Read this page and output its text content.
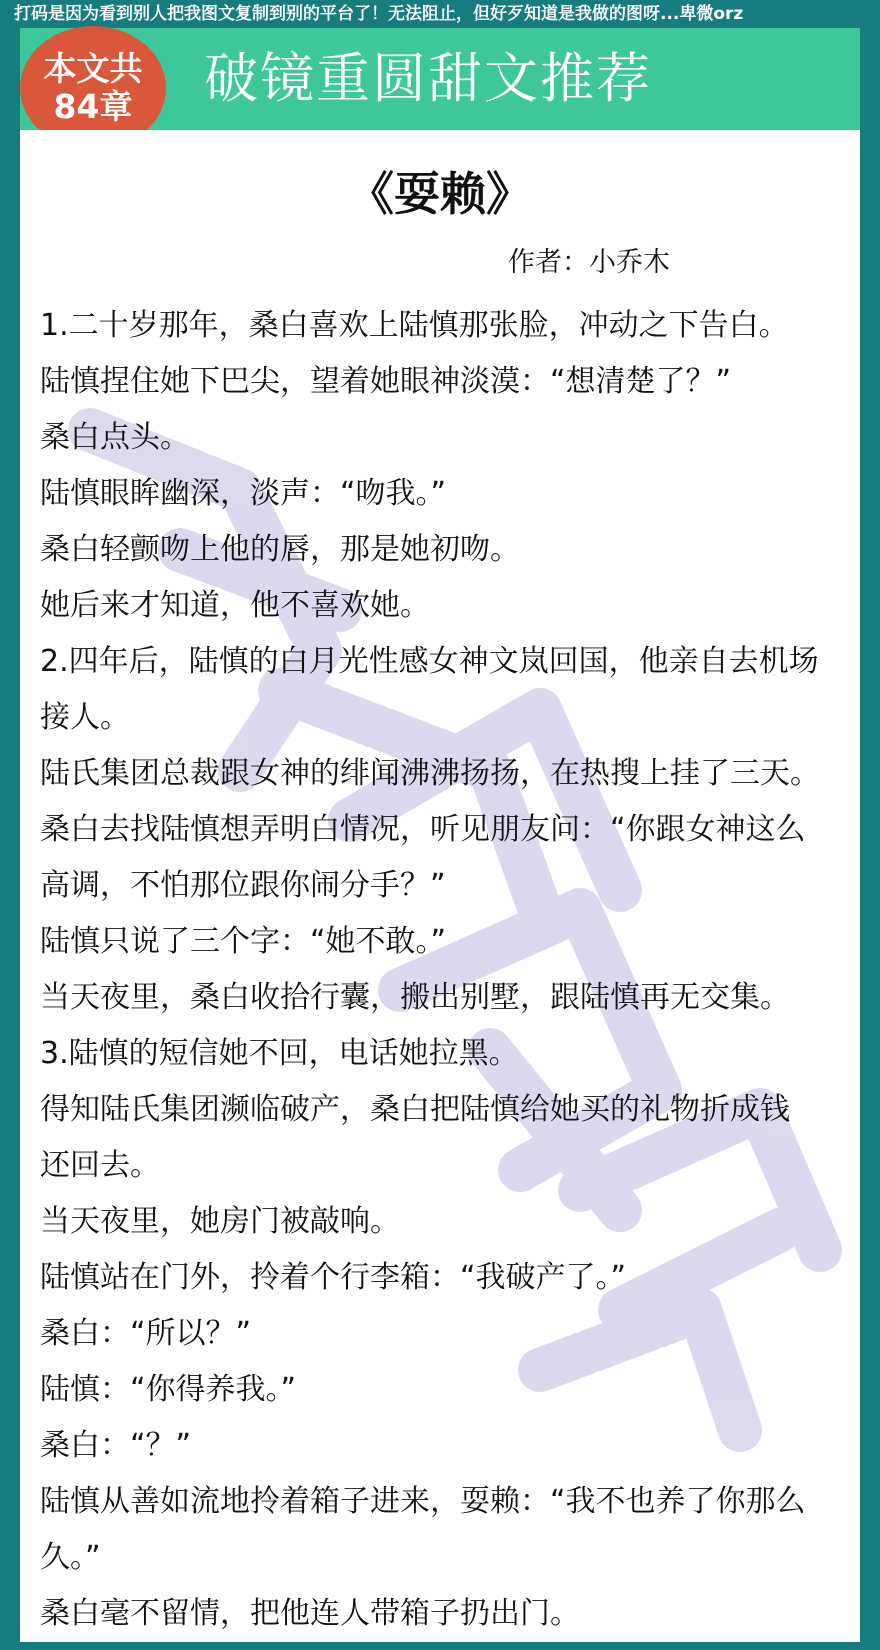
打码是因为看到别人把我图文复制到别的平台了！无法阻止，但好歹知道是我做的图呀...卑微orz
破镜重圆甜文推荐
本文共
84章
《耍赖》
作者：小乔木
1.二十岁那年，桑白喜欢上陆慎那张脸，冲动之下告白。
陆慎捏住她下巴尖，望着她眼神淡漠：“想清楚了？”
桑白点头。
陆慎眼眸幽深，淡声：“吻我。”
桑白轻颤吻上他的唇，那是她初吻。
她后来才知道，他不喜欢她。
2.四年后，陆慎的白月光性感女神文岚回国，他亲自去机场
接人。
陆氏集团总裁跟女神的绯闻沸沸扬扬，在热搜上挂了三天。
桑白去找陆慎想弄明白情况，听见朋友问：“你跟女神这么
高调，不怕那位跟你闹分手？”
陆慎只说了三个字：“她不敢。”
当天夜里，桑白收拾行囊，搬出别墅，跟陆慎再无交集。
3.陆慎的短信她不回，电话她拉黑。
得知陆氏集团濒临破产，桑白把陆慎给她买的礼物折成钱
还回去。
当天夜里，她房门被敲响。
陆慎站在门外，拎着个行李箱：“我破产了。”
桑白：“所以？”
陆慎：“你得养我。”
桑白：“？”
陆慎从善如流地拎着箱子进来，耍赖：“我不也养了你那么
久。”
桑白毫不留情，把他连人带箱子扔出门。
